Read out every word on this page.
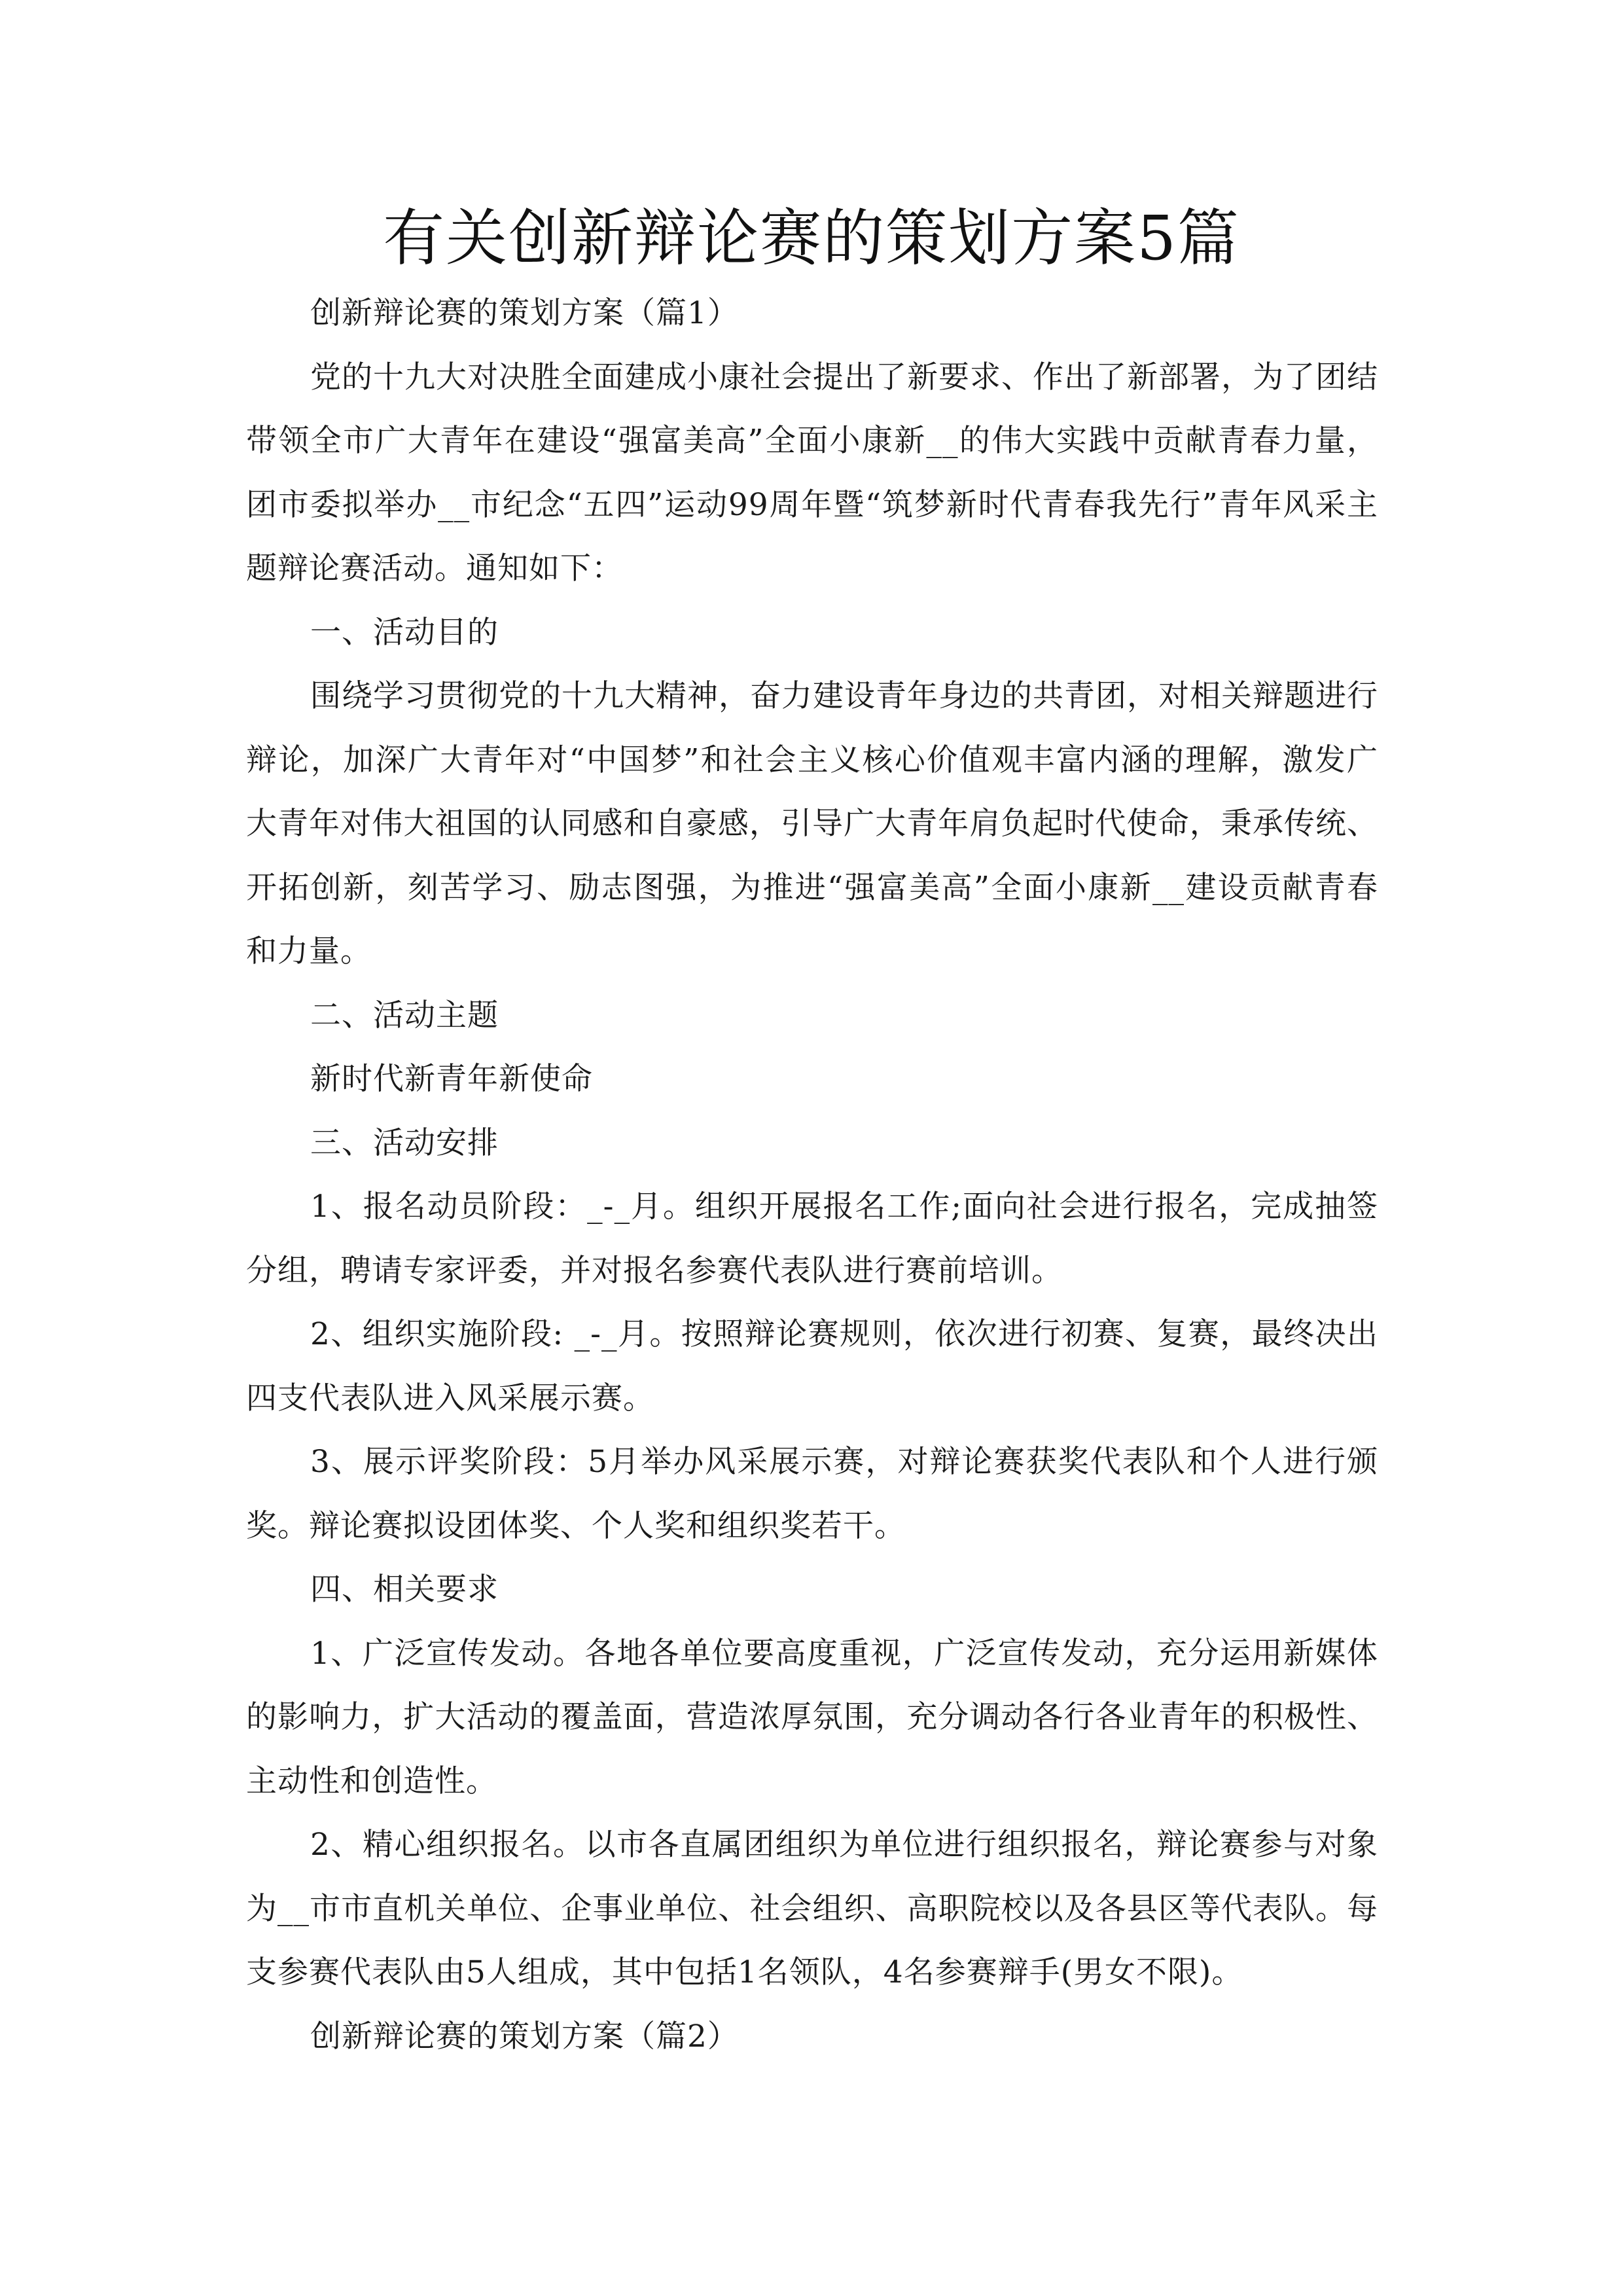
有关创新辩论赛的策划方案5篇

创新辩论赛的策划方案（篇1）

党的十九大对决胜全面建成小康社会提出了新要求、作出了新部署，为了团结带领全市广大青年在建设“强富美高”全面小康新__的伟大实践中贡献青春力量，团市委拟举办__市纪念“五四”运动99周年暨“筑梦新时代青春我先行”青年风采主题辩论赛活动。通知如下：

一、活动目的

围绕学习贯彻党的十九大精神，奋力建设青年身边的共青团，对相关辩题进行辩论，加深广大青年对“中国梦”和社会主义核心价值观丰富内涵的理解，激发广大青年对伟大祖国的认同感和自豪感，引导广大青年肩负起时代使命，秉承传统、开拓创新，刻苦学习、励志图强，为推进“强富美高”全面小康新__建设贡献青春和力量。

二、活动主题

新时代新青年新使命

三、活动安排

1、报名动员阶段：_-_月。组织开展报名工作;面向社会进行报名，完成抽签分组，聘请专家评委，并对报名参赛代表队进行赛前培训。

2、组织实施阶段: _-_月。按照辩论赛规则，依次进行初赛、复赛，最终决出四支代表队进入风采展示赛。

3、展示评奖阶段：5月举办风采展示赛，对辩论赛获奖代表队和个人进行颁奖。辩论赛拟设团体奖、个人奖和组织奖若干。

四、相关要求

1、广泛宣传发动。各地各单位要高度重视，广泛宣传发动，充分运用新媒体的影响力，扩大活动的覆盖面，营造浓厚氛围，充分调动各行各业青年的积极性、主动性和创造性。

2、精心组织报名。以市各直属团组织为单位进行组织报名，辩论赛参与对象为__市市直机关单位、企事业单位、社会组织、高职院校以及各县区等代表队。每支参赛代表队由5人组成，其中包括1名领队，4名参赛辩手(男女不限)。

创新辩论赛的策划方案（篇2）
